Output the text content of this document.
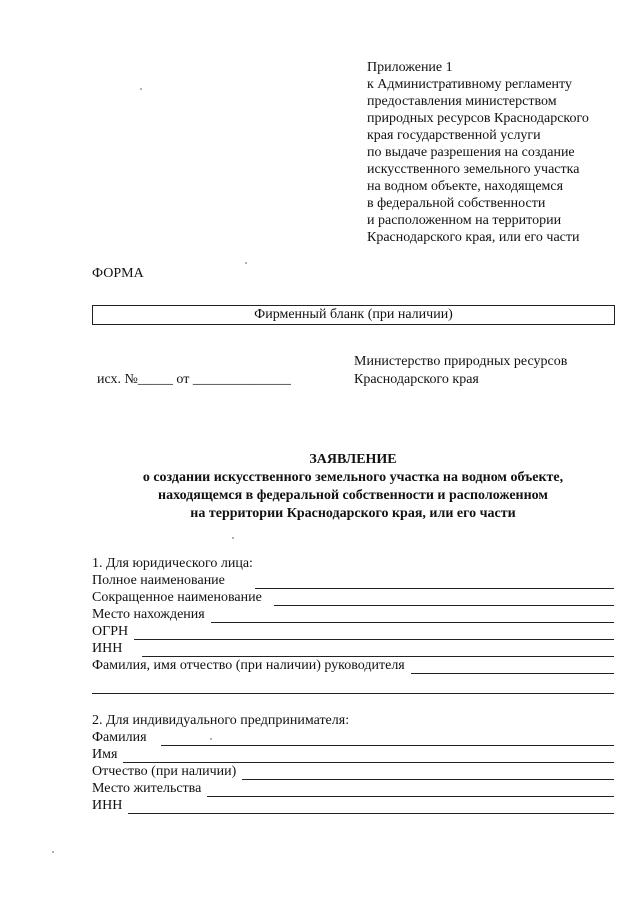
Приложение 1
к Административному регламенту
предоставления министерством
природных ресурсов Краснодарского
края государственной услуги
по выдаче разрешения на создание
искусственного земельного участка
на водном объекте, находящемся
в федеральной собственности
и расположенном на территории
Краснодарского края, или его части
ФОРМА
Фирменный бланк (при наличии)
исх. №_____ от ______________
Министерство природных ресурсов
Краснодарского края
ЗАЯВЛЕНИЕ
о создании искусственного земельного участка на водном объекте,
находящемся в федеральной собственности и расположенном
на территории Краснодарского края, или его части
1. Для юридического лица:
Полное наименование
Сокращенное наименование
Место нахождения
ОГРН
ИНН
Фамилия, имя отчество (при наличии) руководителя
2. Для индивидуального предпринимателя:
Фамилия
Имя
Отчество (при наличии)
Место жительства
ИНН
